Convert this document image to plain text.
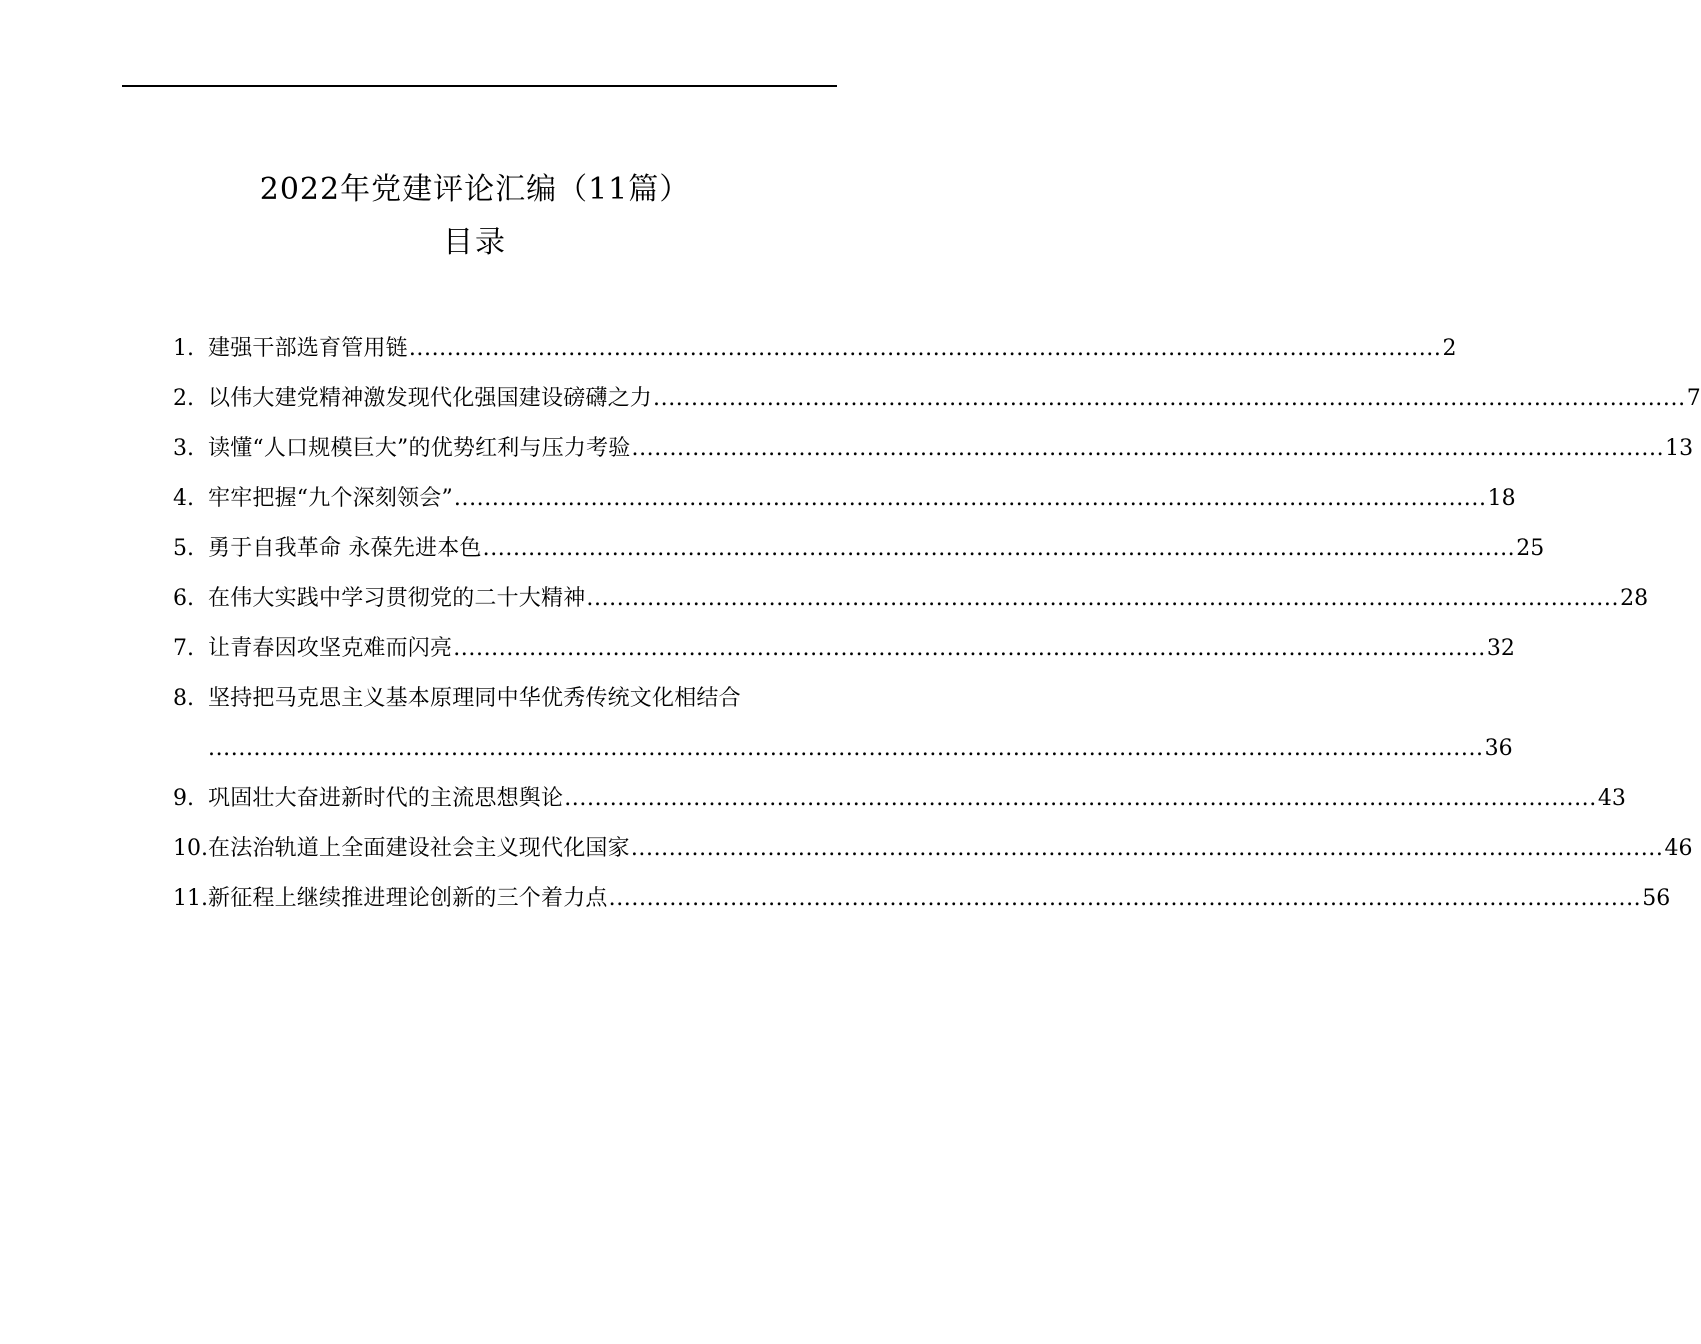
2022年党建评论汇编（11篇）
目录
1. 建强干部选育管用链 ........................................................................................................................................ 2
2. 以伟大建党精神激发现代化强国建设磅礴之力 ........................................................................................................................................ 7
3. 读懂“人口规模巨大”的优势红利与压力考验 ........................................................................................................................................ 13
4. 牢牢把握“九个深刻领会” ........................................................................................................................................ 18
5. 勇于自我革命 永葆先进本色 ........................................................................................................................................ 25
6. 在伟大实践中学习贯彻党的二十大精神 ........................................................................................................................................ 28
7. 让青春因攻坚克难而闪亮 ........................................................................................................................................ 32
8. 坚持把马克思主义基本原理同中华优秀传统文化相结合
........................................................................................................................................................................ 36
9. 巩固壮大奋进新时代的主流思想舆论 ........................................................................................................................................ 43
10. 在法治轨道上全面建设社会主义现代化国家 ........................................................................................................................................ 46
11. 新征程上继续推进理论创新的三个着力点 ........................................................................................................................................ 56
